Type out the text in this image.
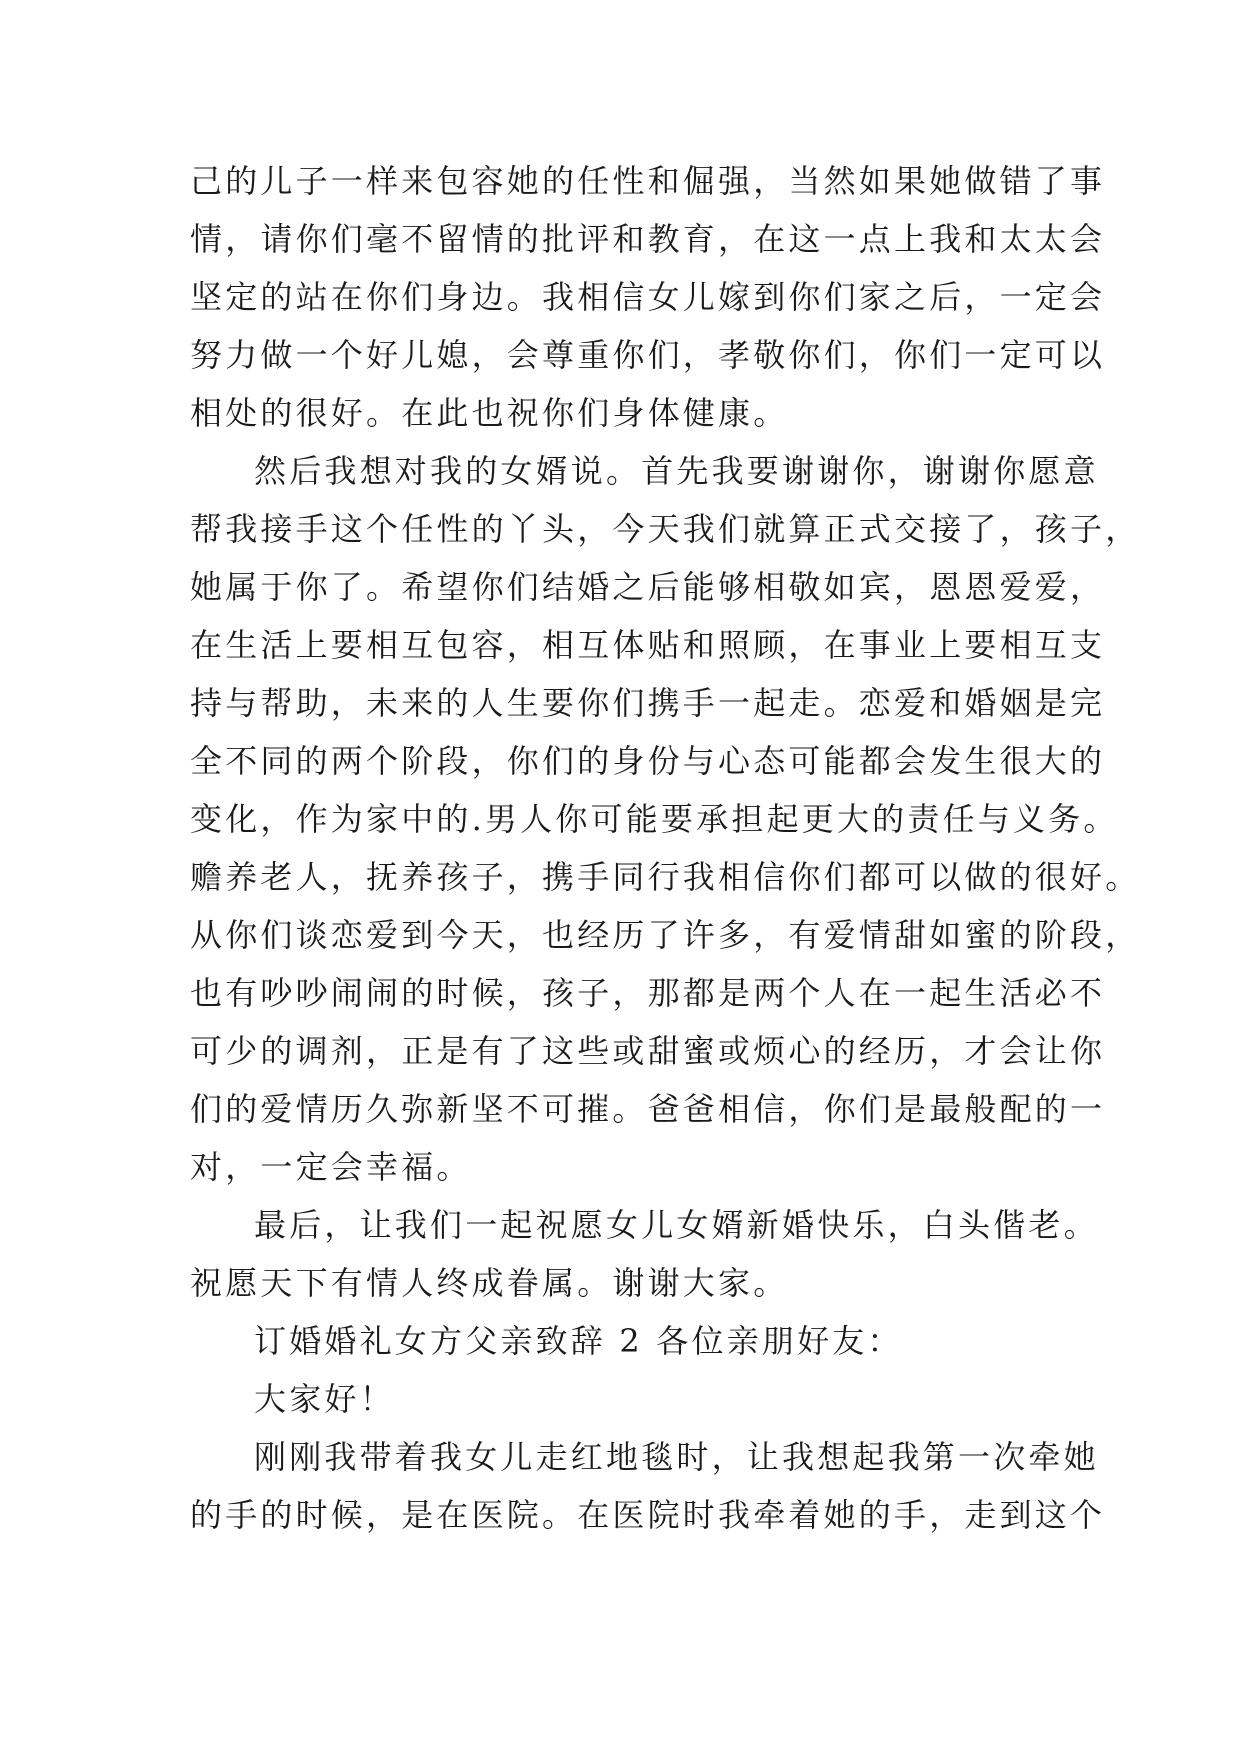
己的儿子一样来包容她的任性和倔强，当然如果她做错了事
情，请你们毫不留情的批评和教育，在这一点上我和太太会
坚定的站在你们身边。我相信女儿嫁到你们家之后，一定会
努力做一个好儿媳，会尊重你们，孝敬你们，你们一定可以
相处的很好。在此也祝你们身体健康。
然后我想对我的女婿说。首先我要谢谢你，谢谢你愿意
帮我接手这个任性的丫头，今天我们就算正式交接了，孩子，
她属于你了。希望你们结婚之后能够相敬如宾，恩恩爱爱，
在生活上要相互包容，相互体贴和照顾，在事业上要相互支
持与帮助，未来的人生要你们携手一起走。恋爱和婚姻是完
全不同的两个阶段，你们的身份与心态可能都会发生很大的
变化，作为家中的.男人你可能要承担起更大的责任与义务。
赡养老人，抚养孩子，携手同行我相信你们都可以做的很好。
从你们谈恋爱到今天，也经历了许多，有爱情甜如蜜的阶段，
也有吵吵闹闹的时候，孩子，那都是两个人在一起生活必不
可少的调剂，正是有了这些或甜蜜或烦心的经历，才会让你
们的爱情历久弥新坚不可摧。爸爸相信，你们是最般配的一
对，一定会幸福。
最后，让我们一起祝愿女儿女婿新婚快乐，白头偕老。
祝愿天下有情人终成眷属。谢谢大家。
订婚婚礼女方父亲致辞 2 各位亲朋好友：
大家好！
刚刚我带着我女儿走红地毯时，让我想起我第一次牵她
的手的时候，是在医院。在医院时我牵着她的手，走到这个
